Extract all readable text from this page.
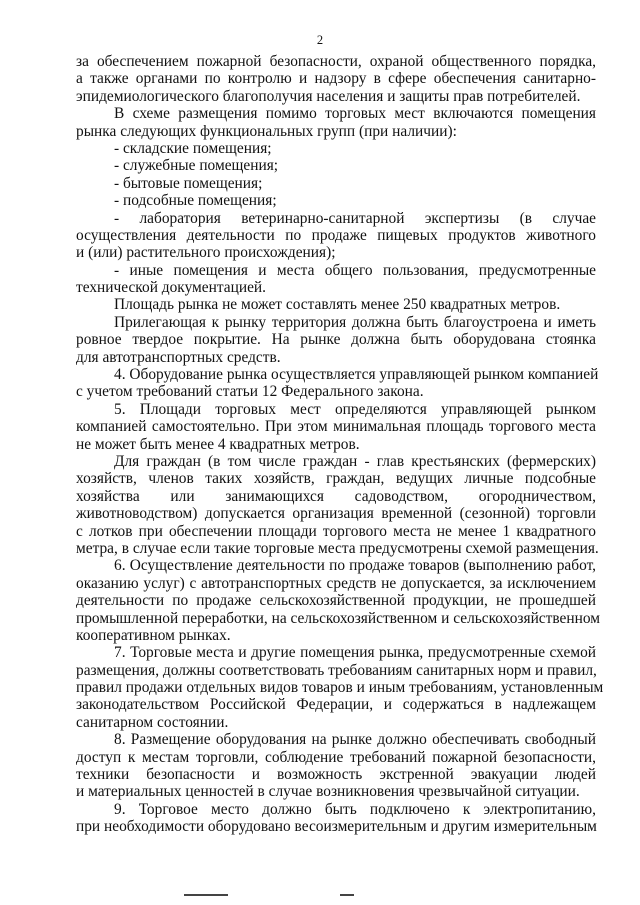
2
за обеспечением пожарной безопасности, охраной общественного порядка,
а также органами по контролю и надзору в сфере обеспечения санитарно-
эпидемиологического благополучия населения и защиты прав потребителей.
В схеме размещения помимо торговых мест включаются помещения
рынка следующих функциональных групп (при наличии):
- складские помещения;
- служебные помещения;
- бытовые помещения;
- подсобные помещения;
- лаборатория ветеринарно-санитарной экспертизы (в случае
осуществления деятельности по продаже пищевых продуктов животного
и (или) растительного происхождения);
- иные помещения и места общего пользования, предусмотренные
технической документацией.
Площадь рынка не может составлять менее 250 квадратных метров.
Прилегающая к рынку территория должна быть благоустроена и иметь
ровное твердое покрытие. На рынке должна быть оборудована стоянка
для автотранспортных средств.
4. Оборудование рынка осуществляется управляющей рынком компанией
с учетом требований статьи 12 Федерального закона.
5. Площади торговых мест определяются управляющей рынком
компанией самостоятельно. При этом минимальная площадь торгового места
не может быть менее 4 квадратных метров.
Для граждан (в том числе граждан - глав крестьянских (фермерских)
хозяйств, членов таких хозяйств, граждан, ведущих личные подсобные
хозяйства или занимающихся садоводством, огородничеством,
животноводством) допускается организация временной (сезонной) торговли
с лотков при обеспечении площади торгового места не менее 1 квадратного
метра, в случае если такие торговые места предусмотрены схемой размещения.
6. Осуществление деятельности по продаже товаров (выполнению работ,
оказанию услуг) с автотранспортных средств не допускается, за исключением
деятельности по продаже сельскохозяйственной продукции, не прошедшей
промышленной переработки, на сельскохозяйственном и сельскохозяйственном
кооперативном рынках.
7. Торговые места и другие помещения рынка, предусмотренные схемой
размещения, должны соответствовать требованиям санитарных норм и правил,
правил продажи отдельных видов товаров и иным требованиям, установленным
законодательством Российской Федерации, и содержаться в надлежащем
санитарном состоянии.
8. Размещение оборудования на рынке должно обеспечивать свободный
доступ к местам торговли, соблюдение требований пожарной безопасности,
техники безопасности и возможность экстренной эвакуации людей
и материальных ценностей в случае возникновения чрезвычайной ситуации.
9. Торговое место должно быть подключено к электропитанию,
при необходимости оборудовано весоизмерительным и другим измерительным
